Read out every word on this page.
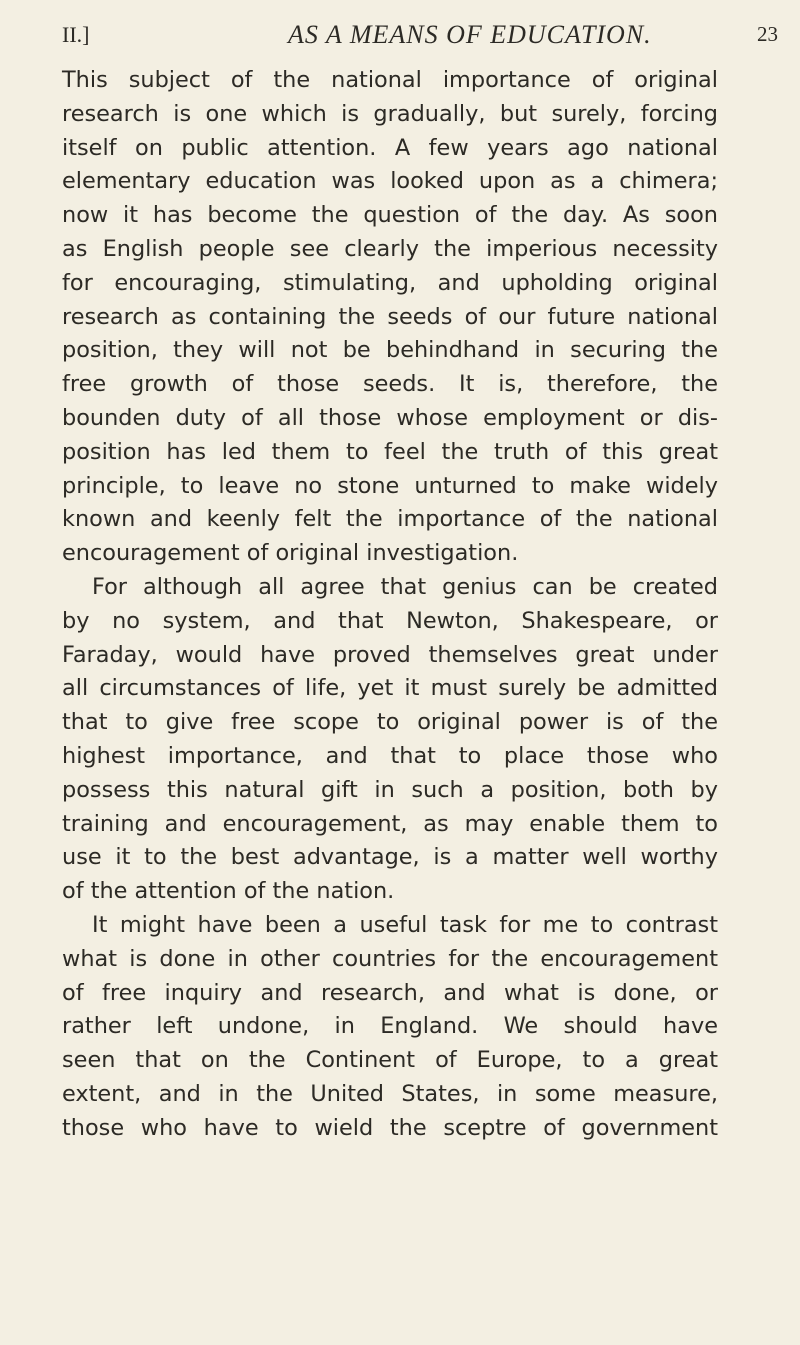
II.]	AS A MEANS OF EDUCATION.	23
This subject of the national importance of original
research is one which is gradually, but surely, forcing
itself on public attention. A few years ago national
elementary education was looked upon as a chimera;
now it has become the question of the day. As soon
as English people see clearly the imperious necessity
for encouraging, stimulating, and upholding original
research as containing the seeds of our future national
position, they will not be behindhand in securing the
free growth of those seeds. It is, therefore, the
bounden duty of all those whose employment or dis-
position has led them to feel the truth of this great
principle, to leave no stone unturned to make widely
known and keenly felt the importance of the national
encouragement of original investigation.
For although all agree that genius can be created
by no system, and that Newton, Shakespeare, or
Faraday, would have proved themselves great under
all circumstances of life, yet it must surely be admitted
that to give free scope to original power is of the
highest importance, and that to place those who
possess this natural gift in such a position, both by
training and encouragement, as may enable them to
use it to the best advantage, is a matter well worthy
of the attention of the nation.
It might have been a useful task for me to contrast
what is done in other countries for the encouragement
of free inquiry and research, and what is done, or
rather left undone, in England. We should have
seen that on the Continent of Europe, to a great
extent, and in the United States, in some measure,
those who have to wield the sceptre of government
